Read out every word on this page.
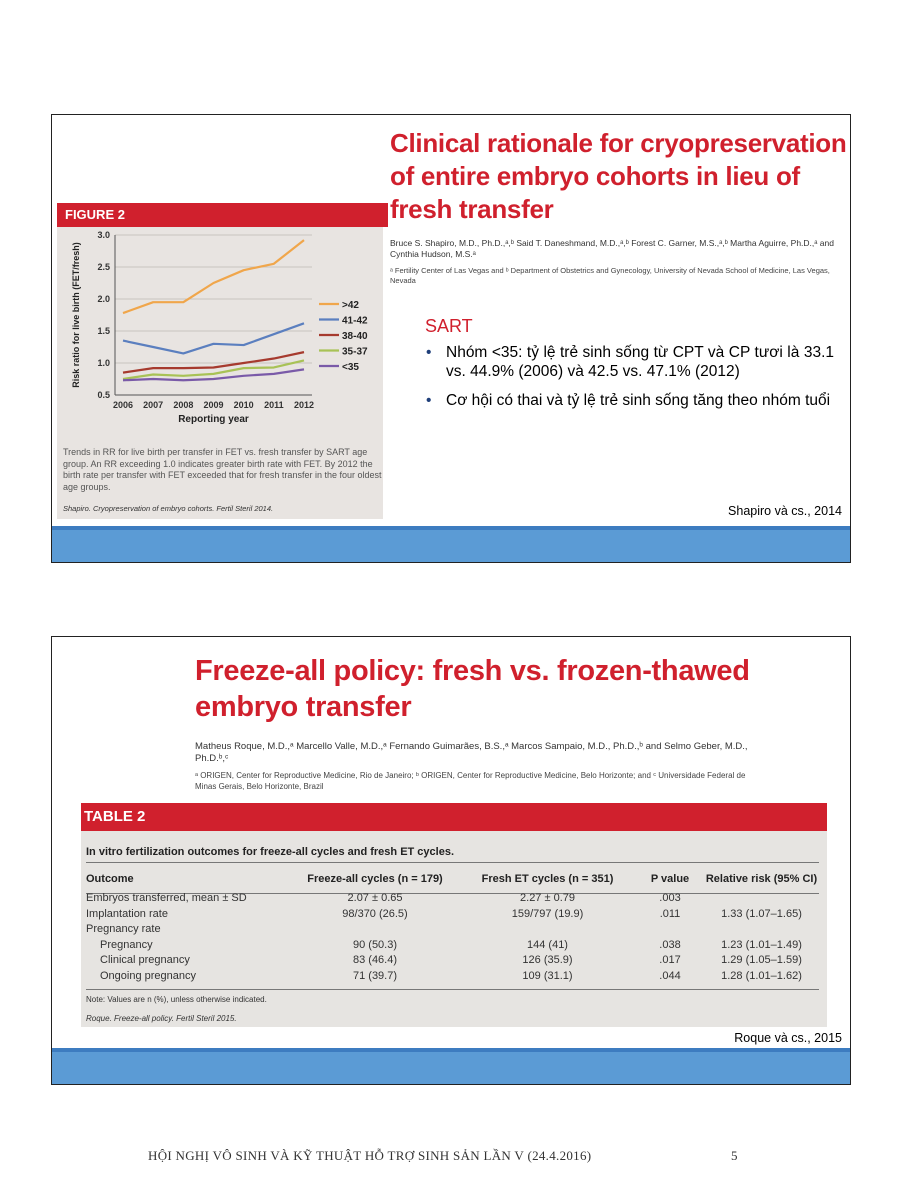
FIGURE 2
0.5
1.0
1.5
2.0
2.5
3.0
2006 2007 2008 2009 2010 2011 2012
Reporting year
Risk ratio for live birth (FET/fresh)	>42
41-42
38-40
35-37
<35
Trends in RR for live birth per transfer in FET vs. fresh transfer by SART age group. An RR exceeding 1.0 indicates greater birth rate with FET. By 2012 the birth rate per transfer with FET exceeded that for fresh transfer in the four oldest age groups.
Shapiro. Cryopreservation of embryo cohorts. Fertil Steril 2014.
Clinical rationale for cryopreservation of entire embryo cohorts in lieu of fresh transfer
Bruce S. Shapiro, M.D., Ph.D.,ᵃ,ᵇ Said T. Daneshmand, M.D.,ᵃ,ᵇ Forest C. Garner, M.S.,ᵃ,ᵇ Martha Aguirre, Ph.D.,ᵃ and Cynthia Hudson, M.S.ᵃ
ᵃ Fertility Center of Las Vegas and ᵇ Department of Obstetrics and Gynecology, University of Nevada School of Medicine, Las Vegas, Nevada
SART
• Nhóm <35: tỷ lệ trẻ sinh sống từ CPT và CP tươi là 33.1 vs. 44.9% (2006) và 42.5 vs. 47.1% (2012)
• Cơ hội có thai và tỷ lệ trẻ sinh sống tăng theo nhóm tuổi
Shapiro và cs., 2014
Freeze-all policy: fresh vs. frozen-thawed embryo transfer
Matheus Roque, M.D.,ᵃ Marcello Valle, M.D.,ᵃ Fernando Guimarães, B.S.,ᵃ Marcos Sampaio, M.D., Ph.D.,ᵇ and Selmo Geber, M.D., Ph.D.ᵇ,ᶜ
ᵃ ORIGEN, Center for Reproductive Medicine, Rio de Janeiro; ᵇ ORIGEN, Center for Reproductive Medicine, Belo Horizonte; and ᶜ Universidade Federal de Minas Gerais, Belo Horizonte, Brazil
TABLE 2
In vitro fertilization outcomes for freeze-all cycles and fresh ET cycles.
Outcome	Freeze-all cycles (n = 179)	Fresh ET cycles (n = 351)	P value	Relative risk (95% CI)
Embryos transferred, mean ± SD	2.07 ± 0.65	2.27 ± 0.79	.003	
Implantation rate	98/370 (26.5)	159/797 (19.9)	.011	1.33 (1.07–1.65)
Pregnancy rate				
Pregnancy	90 (50.3)	144 (41)	.038	1.23 (1.01–1.49)
Clinical pregnancy	83 (46.4)	126 (35.9)	.017	1.29 (1.05–1.59)
Ongoing pregnancy	71 (39.7)	109 (31.1)	.044	1.28 (1.01–1.62)
Note: Values are n (%), unless otherwise indicated.
Roque. Freeze-all policy. Fertil Steril 2015.
Roque và cs., 2015
HỘI NGHỊ VÔ SINH VÀ KỸ THUẬT HỖ TRỢ SINH SẢN LẦN V (24.4.2016)	5
